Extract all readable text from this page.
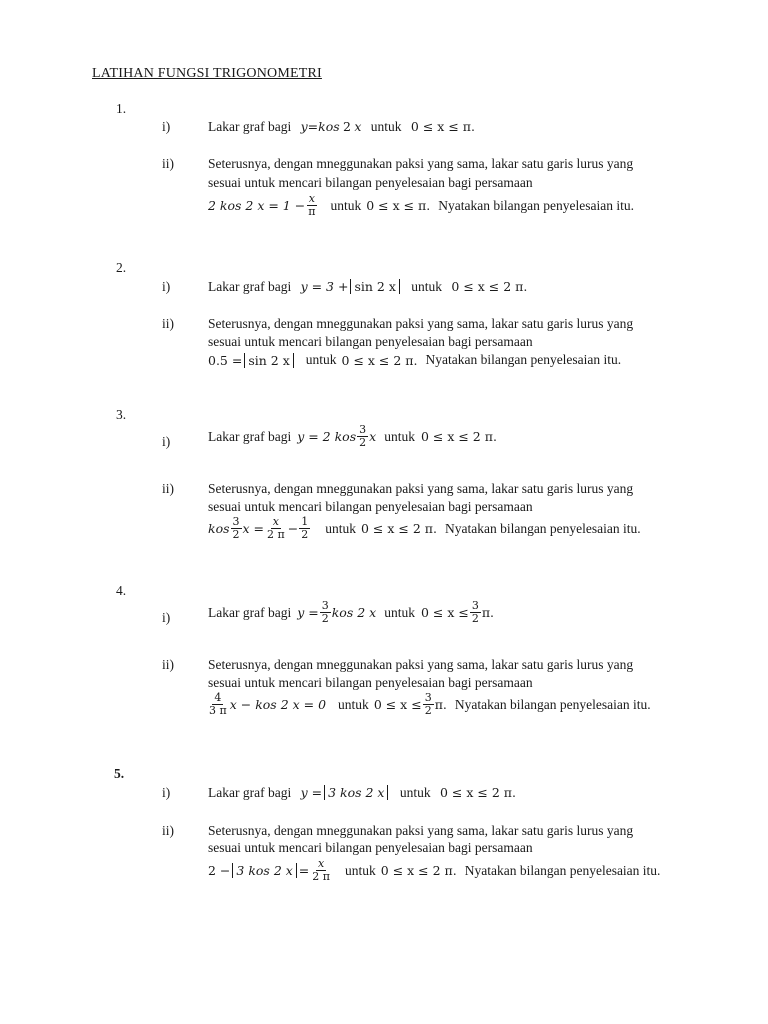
LATIHAN FUNGSI TRIGONOMETRI
1.
i)	Lakar graf bagi y=kos 2 x untuk 0 ≤ x ≤ π.
ii)	Seterusnya, dengan mneggunakan paksi yang sama, lakar satu garis lurus yang
sesuai untuk mencari bilangan penyelesaian bagi persamaan
2 kos 2 $x = 1 - \frac{x}{\pi}$ untuk 0 ≤ x ≤ π. Nyatakan bilangan penyelesaian itu.
2.
i)	Lakar graf bagi y = 3 + sin 2 x untuk 0 ≤ x ≤ 2 π.
ii)	Seterusnya, dengan mneggunakan paksi yang sama, lakar satu garis lurus yang
sesuai untuk mencari bilangan penyelesaian bagi persamaan
0.5 = sin 2 x untuk 0 ≤ x ≤ 2 π. Nyatakan bilangan penyelesaian itu.
3.
i)	Lakar graf bagi y = 2 kos $\frac{3}{2}$ x untuk 0 ≤ x ≤ 2 π.
ii)	Seterusnya, dengan mneggunakan paksi yang sama, lakar satu garis lurus yang
sesuai untuk mencari bilangan penyelesaian bagi persamaan
kos $\frac{3}{2}$ $x = \frac{x}{2 \pi} - \frac{1}{2}$ untuk 0 ≤ x ≤ 2 π. Nyatakan bilangan penyelesaian itu.
4.
i)	Lakar graf bagi $y = \frac{3}{2}$ kos 2 x untuk $0 \le x \le \frac{3}{2} \pi$.
ii)	Seterusnya, dengan mneggunakan paksi yang sama, lakar satu garis lurus yang
sesuai untuk mencari bilangan penyelesaian bagi persamaan
$\frac{4}{3 \pi}$ x − kos 2 x = 0 untuk $0 \le x \le \frac{3}{2} \pi$. Nyatakan bilangan penyelesaian itu.
5.
i)	Lakar graf bagi y = 3 kos 2 x untuk 0 ≤ x ≤ 2 π.
ii)	Seterusnya, dengan mneggunakan paksi yang sama, lakar satu garis lurus yang
sesuai untuk mencari bilangan penyelesaian bagi persamaan
2 − 3 kos 2 $x = \frac{x}{2 \pi}$ untuk 0 ≤ x ≤ 2 π. Nyatakan bilangan penyelesaian itu.
